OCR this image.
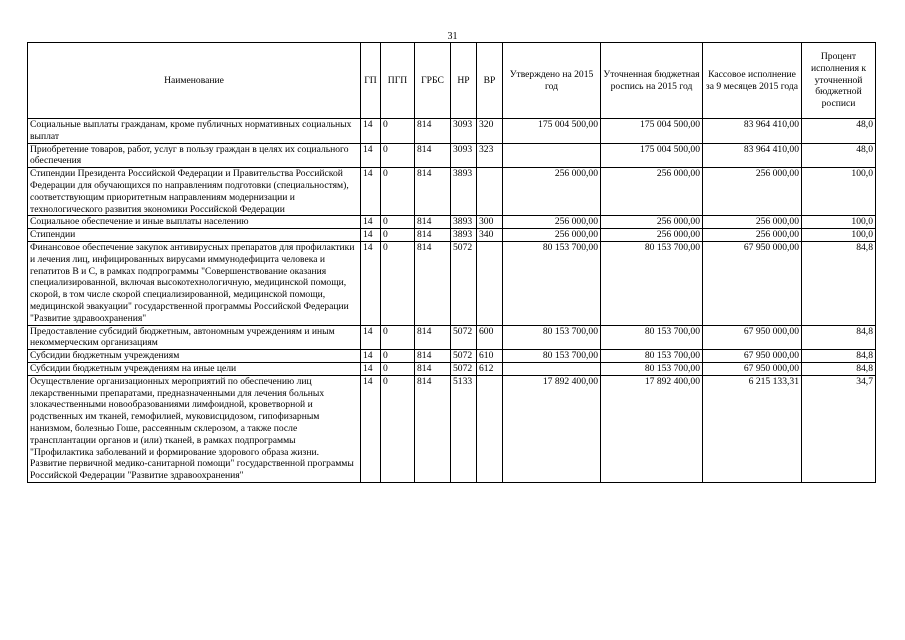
31
Наименование	ГП	ПГП	ГРБС	НР	ВР	Утверждено на 2015 год	Уточненная бюджетная роспись на 2015 год	Кассовое исполнение за 9 месяцев 2015 года	Процент исполнения к уточненной бюджетной росписи
Социальные выплаты гражданам, кроме публичных нормативных социальных выплат	14	0	814	3093	320	175 004 500,00	175 004 500,00	83 964 410,00	48,0
Приобретение товаров, работ, услуг в пользу граждан в целях их социального обеспечения	14	0	814	3093	323		175 004 500,00	83 964 410,00	48,0
Стипендии Президента Российской Федерации и Правительства Российской Федерации для обучающихся по направлениям подготовки (специальностям), соответствующим приоритетным направлениям модернизации и технологического развития экономики Российской Федерации	14	0	814	3893		256 000,00	256 000,00	256 000,00	100,0
Социальное обеспечение и иные выплаты населению	14	0	814	3893	300	256 000,00	256 000,00	256 000,00	100,0
Стипендии	14	0	814	3893	340	256 000,00	256 000,00	256 000,00	100,0
Финансовое обеспечение закупок антивирусных препаратов для профилактики и лечения лиц, инфицированных вирусами иммунодефицита человека и гепатитов В и С, в рамках подпрограммы "Совершенствование оказания специализированной, включая высокотехнологичную, медицинской помощи, скорой, в том числе скорой специализированной, медицинской помощи, медицинской эвакуации" государственной программы Российской Федерации "Развитие здравоохранения"	14	0	814	5072		80 153 700,00	80 153 700,00	67 950 000,00	84,8
Предоставление субсидий бюджетным, автономным учреждениям и иным некоммерческим организациям	14	0	814	5072	600	80 153 700,00	80 153 700,00	67 950 000,00	84,8
Субсидии бюджетным учреждениям	14	0	814	5072	610	80 153 700,00	80 153 700,00	67 950 000,00	84,8
Субсидии бюджетным учреждениям на иные цели	14	0	814	5072	612		80 153 700,00	67 950 000,00	84,8
Осуществление организационных мероприятий по обеспечению лиц лекарственными препаратами, предназначенными для лечения больных злокачественными новообразованиями лимфоидной, кроветворной и родственных им тканей, гемофилией, муковисцидозом, гипофизарным нанизмом, болезнью Гоше, рассеянным склерозом, а также после трансплантации органов и (или) тканей, в рамках подпрограммы "Профилактика заболеваний и формирование здорового образа жизни. Развитие первичной медико-санитарной помощи" государственной программы Российской Федерации "Развитие здравоохранения"	14	0	814	5133		17 892 400,00	17 892 400,00	6 215 133,31	34,7
